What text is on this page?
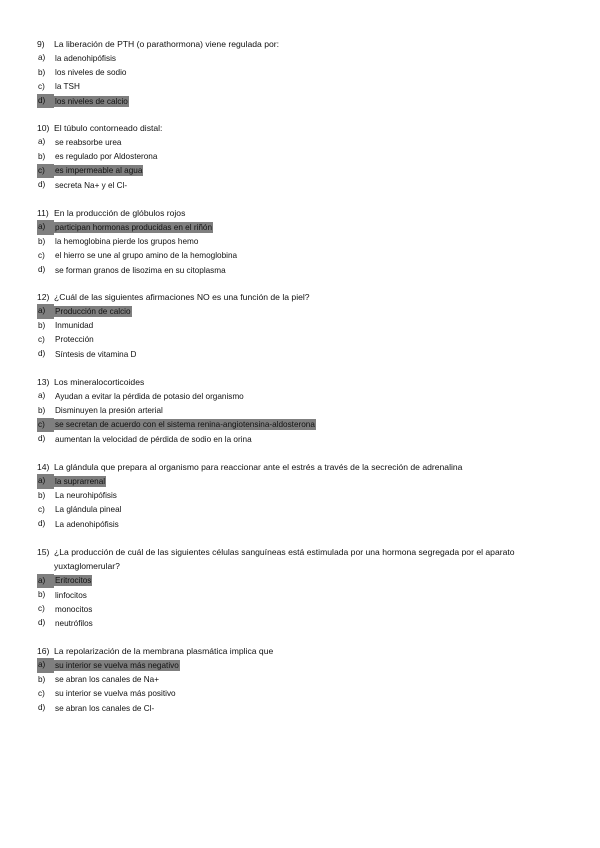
9)	La liberación de PTH (o parathormona) viene regulada por:
a)	la adenohipófisis
b)	los niveles de sodio
c)	la TSH
d)	los niveles de calcio
10) El túbulo contorneado distal:
a)	se reabsorbe urea
b)	es regulado por Aldosterona
c)	es impermeable al agua
d)	secreta Na+ y el Cl-
11) En la producción de glóbulos rojos
a)	participan hormonas producidas en el riñón
b)	la hemoglobina pierde los grupos hemo
c)	el hierro se une al grupo amino de la hemoglobina
d)	se forman granos de lisozima en su citoplasma
12) ¿Cuál de las siguientes afirmaciones NO es una función de la piel?
a)	Producción de calcio
b)	Inmunidad
c)	Protección
d)	Síntesis de vitamina D
13) Los mineralocorticoides
a)	Ayudan a evitar la pérdida de potasio del organismo
b)	Disminuyen la presión arterial
c)	se secretan de acuerdo con el sistema renina-angiotensina-aldosterona
d)	aumentan la velocidad de pérdida de sodio en la orina
14) La glándula que prepara al organismo para reaccionar ante el estrés a través de la secreción de adrenalina
a)	la suprarrenal
b)	La neurohipófisis
c)	La glándula pineal
d)	La adenohipófisis
15) ¿La producción de cuál de las siguientes células sanguíneas está estimulada por una hormona segregada por el aparato yuxtaglomerular?
a)	Eritrocitos
b)	linfocitos
c)	monocitos
d)	neutrófilos
16) La repolarización de la membrana plasmática implica que
a)	su interior se vuelva más negativo
b)	se abran los canales de Na+
c)	su interior se vuelva más positivo
d)	se abran los canales de Cl-
